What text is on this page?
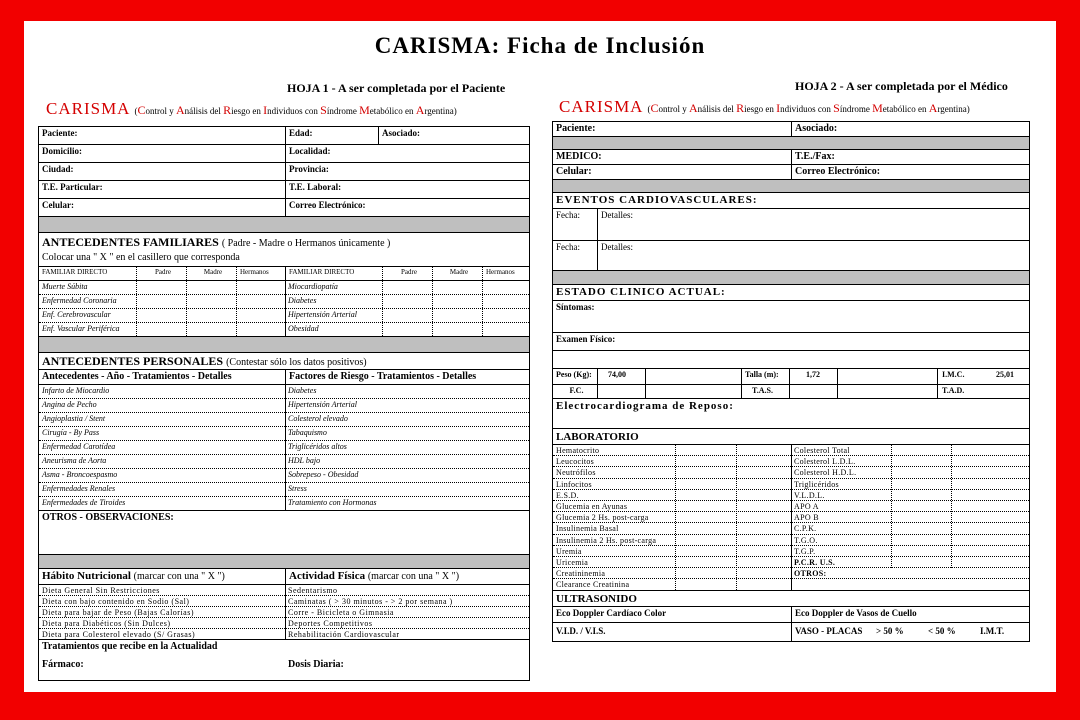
CARISMA: Ficha de Inclusión
HOJA 1 - A ser completada por el Paciente
CARISMA (Control y Análisis del Riesgo en Individuos con Síndrome Metabólico en Argentina)
Paciente:	Edad:	Asociado:
Domicilio:	Localidad:
Ciudad:	Provincia:
T.E. Particular:	T.E. Laboral:
Celular:	Correo Electrónico:
ANTECEDENTES FAMILIARES ( Padre - Madre o Hermanos únicamente )
Colocar una " X " en el casillero que corresponda
FAMILIAR DIRECTO	Padre	Madre	Hermanos	FAMILIAR DIRECTO	Padre	Madre	Hermanos
Muerte Súbita	Miocardiopatía
Enfermedad Coronaria	Diabetes
Enf. Cerebrovascular	Hipertensión Arterial
Enf. Vascular Periférica	Obesidad
ANTECEDENTES PERSONALES (Contestar sólo los datos positivos)
Antecedentes - Año - Tratamientos - Detalles	Factores de Riesgo - Tratamientos - Detalles
Infarto de Miocardio	Diabetes
Angina de Pecho	Hipertensión Arterial
Angioplastia / Stent	Colesterol elevado
Cirugía - By Pass	Tabaquismo
Enfermedad Carotídea	Triglicéridos altos
Aneurisma de Aorta	HDL bajo
Asma - Broncoespasmo	Sobrepeso - Obesidad
Enfermedades Renales	Stress
Enfermedades de Tiroides	Tratamiento con Hormonas
OTROS - OBSERVACIONES:
Hábito Nutricional (marcar con una " X ")	Actividad Física (marcar con una " X ")
Dieta General Sin Restricciones	Sedentarismo
Dieta con bajo contenido en Sodio (Sal)	Caminatas ( > 30 minutos - > 2 por semana )
Dieta para bajar de Peso (Bajas Calorías)	Corre - Bicicleta o Gimnasia
Dieta para Diabéticos (Sin Dulces)	Deportes Competitivos
Dieta para Colesterol elevado (S/ Grasas)	Rehabilitación Cardiovascular
Tratamientos que recibe en la Actualidad
Fármaco:	Dosis Diaria:
HOJA 2 - A ser completada por el Médico
CARISMA (Control y Análisis del Riesgo en Individuos con Síndrome Metabólico en Argentina)
Paciente:	Asociado:
MEDICO:	T.E./Fax:
Celular:	Correo Electrónico:
EVENTOS CARDIOVASCULARES:
Fecha:	Detalles:
Fecha:	Detalles:
ESTADO CLINICO ACTUAL:
Síntomas:
Examen Físico:
Peso (Kg):	74,00	Talla (m):	1,72	I.M.C.	25,01
F.C.	T.A.S.	T.A.D.
Electrocardiograma de Reposo:
LABORATORIO
Hematocrito	Colesterol Total
Leucocitos	Colesterol L.D.L.
Neutrófilos	Colesterol H.D.L.
Linfocitos	Triglicéridos
E.S.D.	V.L.D.L.
Glucemia en Ayunas	APO A
Glucemia 2 Hs. post-carga	APO B
Insulinemia Basal	C.P.K.
Insulinemia 2 Hs. post-carga	T.G.O.
Uremia	T.G.P.
Uricemia	P.C.R. U.S.
Creatininemia	OTROS:
Clearance Creatinina
ULTRASONIDO
Eco Doppler Cardíaco Color	Eco Doppler de Vasos de Cuello
V.I.D. / V.I.S.	VASO - PLACAS	> 50 %	< 50 %	I.M.T.
